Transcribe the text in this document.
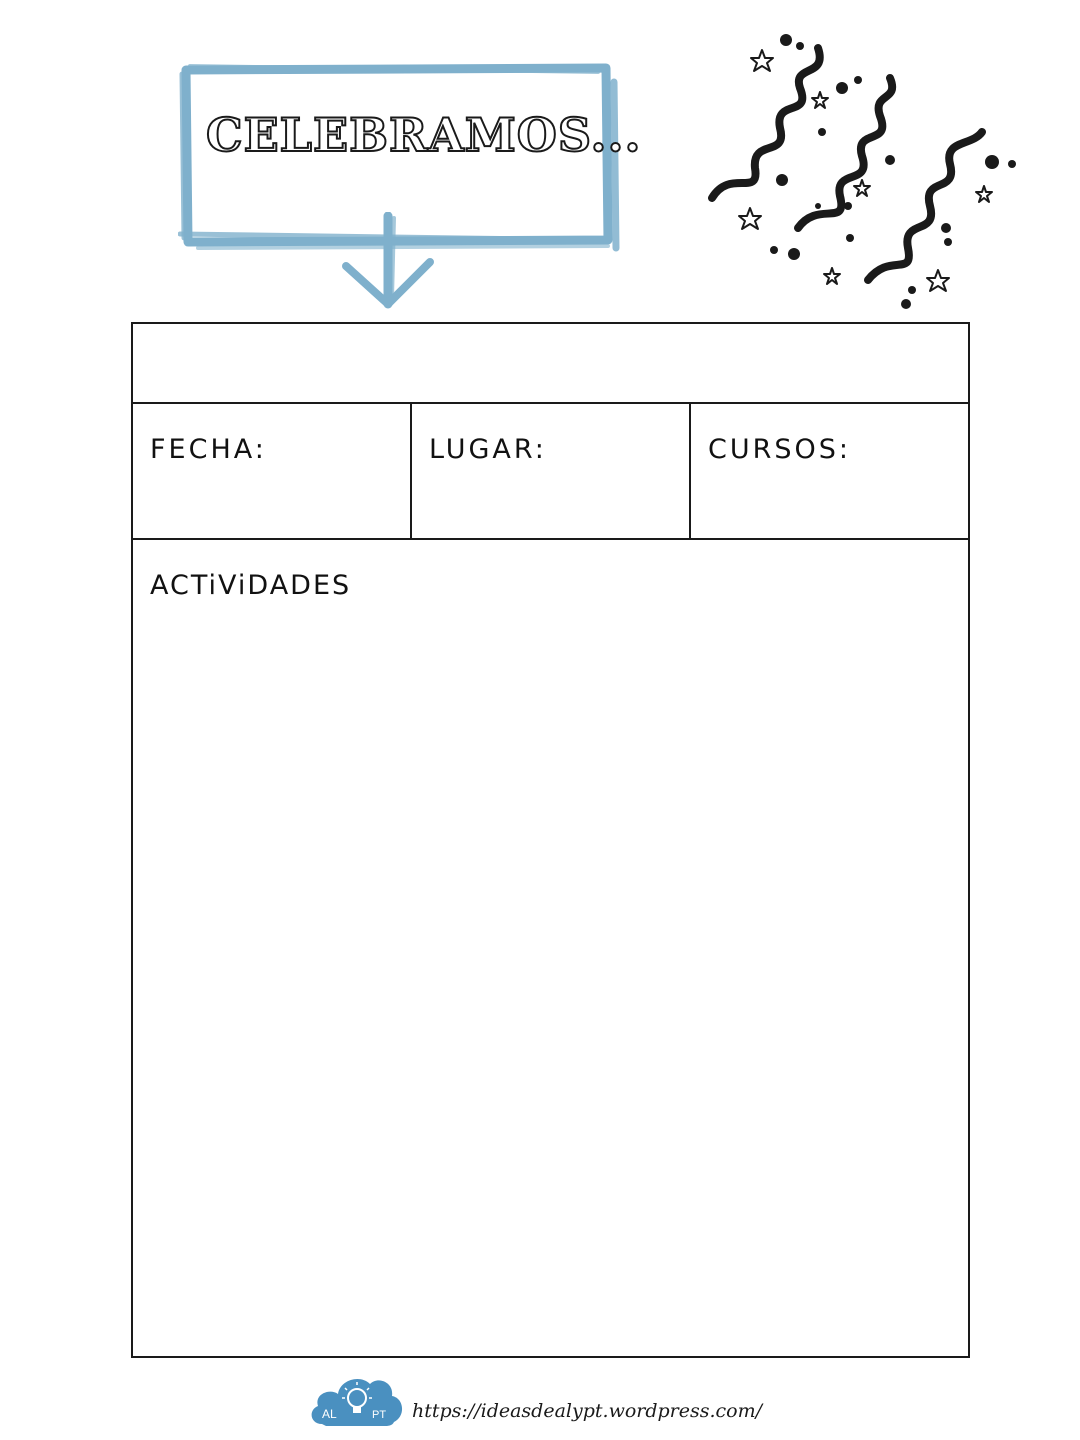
CELEBRAMOS...
FECHA:	LUGAR:	CURSOS:
ACTiViDADES
AL	PT https://ideasdealypt.wordpress.com/
